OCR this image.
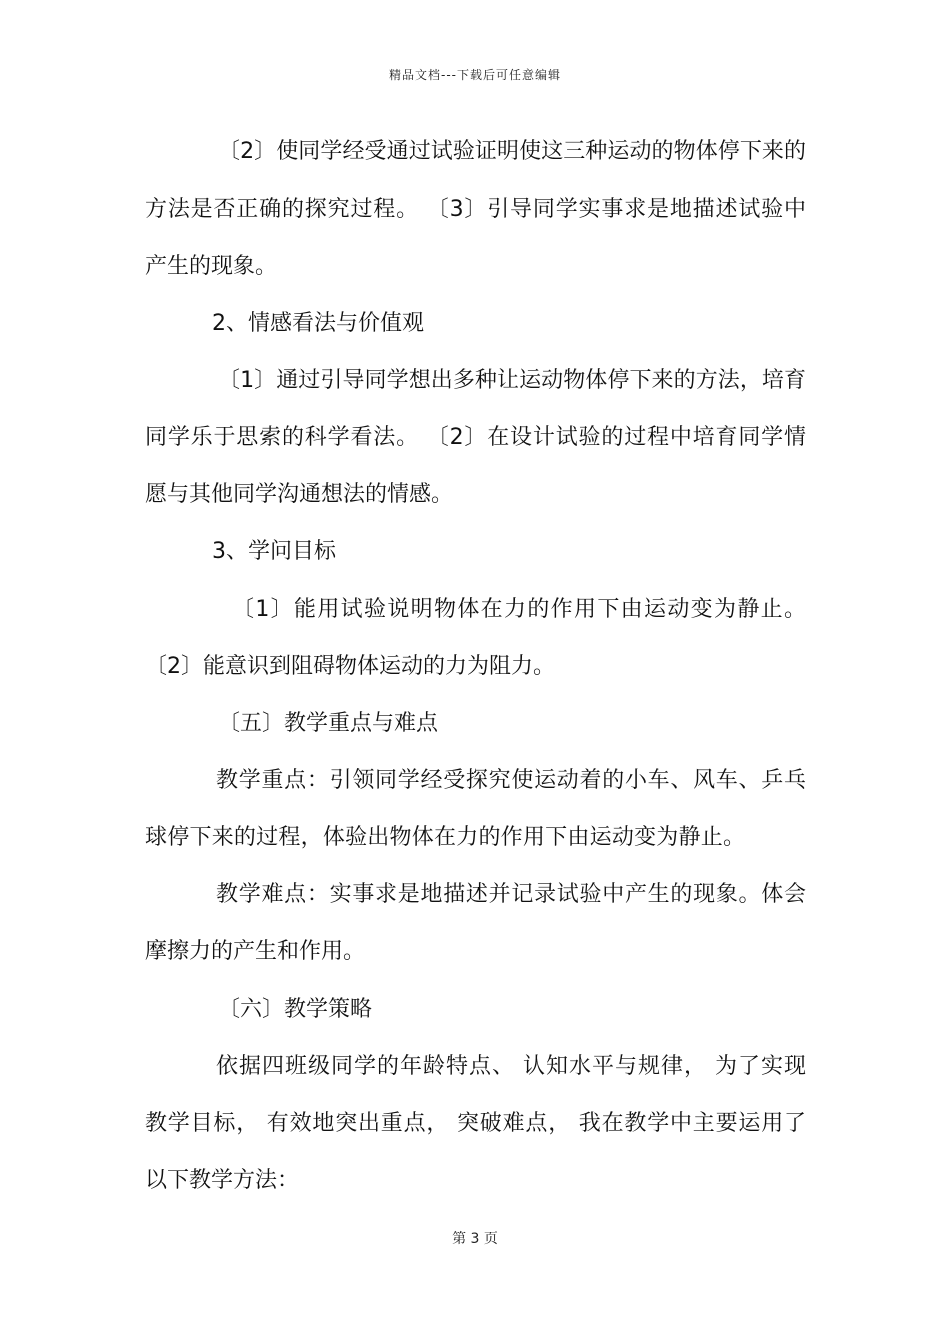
精品文档---下载后可任意编辑
〔2〕使同学经受通过试验证明使这三种运动的物体停下来的
方法是否正确的探究过程。 〔3〕引导同学实事求是地描述试验中
产生的现象。
2、情感看法与价值观
〔1〕通过引导同学想出多种让运动物体停下来的方法，培育
同学乐于思索的科学看法。 〔2〕在设计试验的过程中培育同学情
愿与其他同学沟通想法的情感。
3、学问目标
〔1〕能用试验说明物体在力的作用下由运动变为静止。
〔2〕能意识到阻碍物体运动的力为阻力。
〔五〕教学重点与难点
教学重点：引领同学经受探究使运动着的小车、风车、乒乓
球停下来的过程，体验出物体在力的作用下由运动变为静止。
教学难点：实事求是地描述并记录试验中产生的现象。体会
摩擦力的产生和作用。
〔六〕教学策略
依据四班级同学的年龄特点、 认知水平与规律， 为了实现
教学目标， 有效地突出重点， 突破难点， 我在教学中主要运用了
以下教学方法：
第 3 页
